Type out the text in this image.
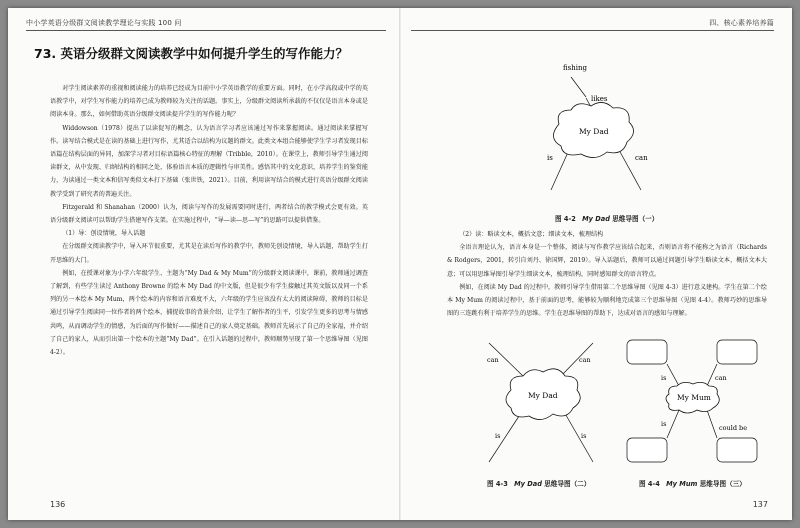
中小学英语分级群文阅读教学理论与实践 100 问
73. 英语分级群文阅读教学中如何提升学生的写作能力？

对学生阅读素养的重视和阅读能力的培养已经成为目前中小学英语教学的重要方面。同时，在小学高段或中学的英语教学中，对学生写作能力的培养已成为教师较为关注的话题。事实上，分级群文阅读所承载的不仅仅是语言本身或是阅读本身。那么，如何借助英语分级群文阅读提升学生的写作能力呢？

Widdowson（1978）提出了以读促写的概念，认为语言学习者应该通过写作来掌握阅读。通过阅读来掌握写作。读写结合模式是在读的基础上进行写作，尤其适合以结构为议题的群文。此类文本组合能够使学生学习者发现目标语篇在结构层面的异同，加深学习者对目标语篇核心特征的理解（Tribble，2010）。在课堂上，教师引导学生通过阅读群文，从中发现、归纳结构的相同之处，体验语言本质的逻辑性与审美性。感悟其中的文化意识，培养学生的鉴赏能力，为读通过一类文本和信写类似文本打下基础（张世铁，2021）。目前，利用读写结合的模式进行英语分级群文阅读教学受到了研究者的普遍关注。

Fitzgerald 和 Shanahan（2000）认为，阅读与写作的发展需要同时进行，两者结合的教学模式会更有效。英语分级群文阅读可以帮助学生搭建写作支架。在实施过程中，“导—读—思—写”的思路可以提供借鉴。

（1）导：创设情境，导入话题

在分级群文阅读教学中，导入环节很重要，尤其是在读后写作的教学中，教师先创设情境，导入话题，帮助学生打开思维的大门。

例如，在授课对象为小学六年级学生、主题为“My Dad & My Mum”的分级群文阅读课中，课前，教师通过调查了解到，有些学生读过 Anthony Browne 的绘本 My Dad 的中文版，但是很少有学生接触过其英文版以及同一个系列的另一本绘本 My Mum，两个绘本的内容和语言难度不大，六年级的学生应该没有太大的阅读障碍，教师的目标是通过引导学生阅读同一位作者的两个绘本，捕捉故事的背景介绍，让学生了解作者的生平，引发学生更多的思考与情感共鸣，从而调动学生的情感，为后面的写作做好——描述自己的家人奠定基础。教师首先展示了自己的全家福，并介绍了自己的家人，从而引出第一个绘本的主题“My Dad”。在引入话题的过程中，教师顺势呈现了第一个思维导图（见图 4-2）。

136
四、核心素养培养篇
fishing
likes
My Dad
is	can
图 4-2 My Dad 思维导图（一）

（2）读：略读文本，概括文意；细读文本，梳理结构

全语言理论认为，语言本身是一个整体，阅读与写作教学应该结合起来，否则语言将不能称之为语言（Richards & Rodgers，2001，转引自刘丹、徐国辉，2019）。导入话题后，教师可以通过问题引导学生略读文本，概括文本大意；可以用思维导图引导学生细读文本，梳理结构，同时感知群文的语言特点。

例如，在阅读 My Dad 的过程中，教师引导学生借用第二个思维导图（见图 4-3）进行意义建构。学生在第二个绘本 My Mum 的阅读过程中，基于前面的思考，能够较为顺利地完成第三个思维导图（见图 4-4）。教师巧妙的思维导图的三连跳有利于培养学生的思维。学生在思维导图的帮助下，达成对语言的感知与理解。

My Dad
can	can
is	is
图 4-3 My Dad 思维导图（二）
My Mum
is	can
is	could be
图 4-4 My Mum 思维导图（三）
137
